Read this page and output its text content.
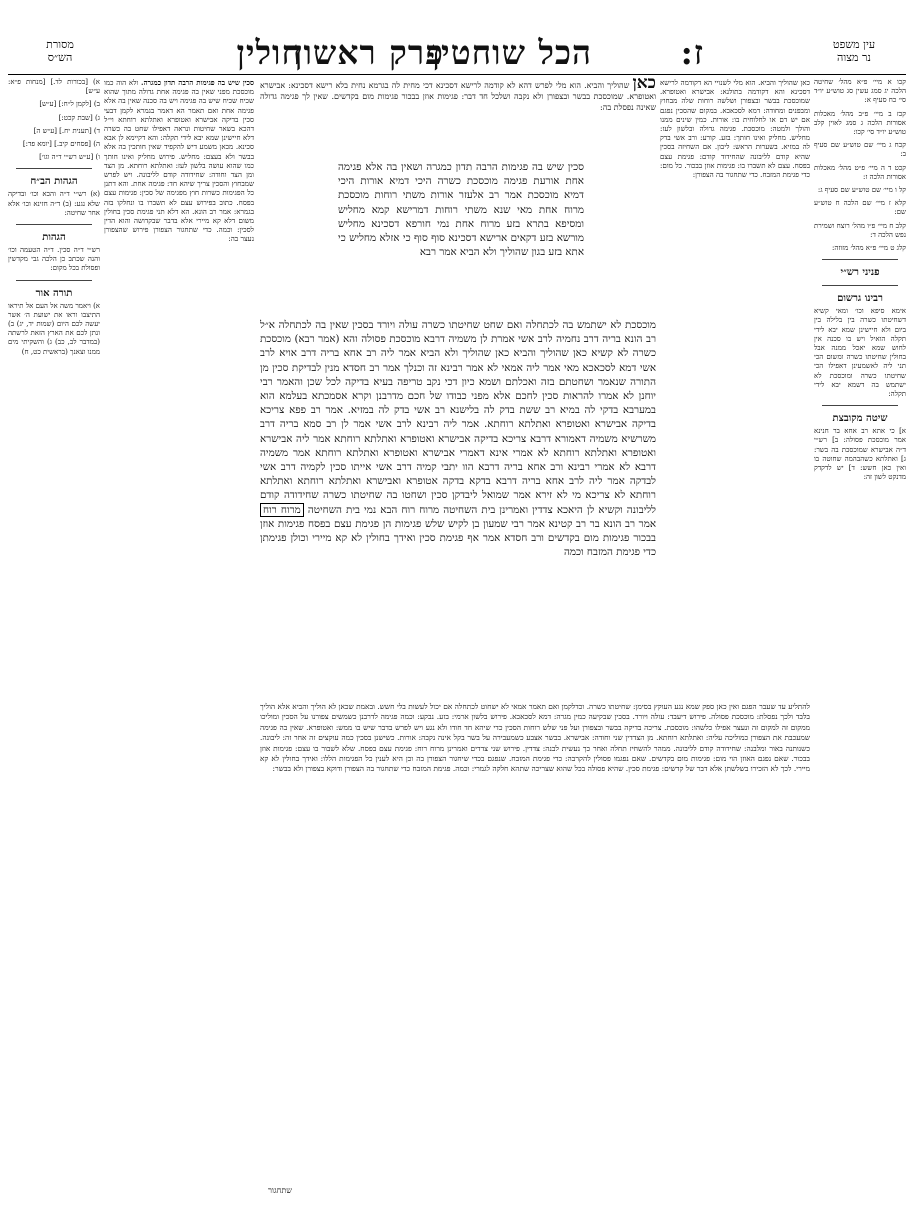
עין משפט
נר מצוה
ז:
הכל שוחטין
פרק ראשון
חולין
מסורת
הש״ס

קכו א מיי׳ פ״א מהל׳ שחיטה הלכה יג סמג עשין סג טוש״ע יו״ד סי׳ כח סעיף א:

קכז ב מיי׳ פ״ב מהל׳ מאכלות אסורות הלכה ג סמג לאוין קלב טוש״ע יו״ד סי׳ קכו:

קכח ג מיי׳ שם טוש״ע שם סעיף ב:

קכט ד ה מיי׳ פ״ט מהל׳ מאכלות אסורות הלכה ז:

קל ו מיי׳ שם טוש״ע שם סעיף ג:

קלא ז מיי׳ שם הלכה ח טוש״ע שם:

קלב ח מיי׳ פ״ו מהל׳ רוצח ושמירת נפש הלכה ד:

קלג ט מיי׳ פ״א מהל׳ מזוזה:

פניני רש״י
רבינו גרשום

אימא סיפא וכו׳ ומאי קשיא דשחיטתו כשרה בין בלילה בין ביום ולא חיישינן שמא יבא לידי תקלה הואיל ויש בו סכנה אין לחוש שמא יאכל ממנה אבל בחולין שחיטתו כשרה ומשום הכי תני ליה לאשמעינן דאפילו הכי שחיטתו כשרה ומוכסכת לא ישתמש בה דשמא יבא לידי תקלה:

שיטה מקובצת

א] כי אתא רב אחא בר חנינא אמר מוכסכת פסולה: ב] רש״י ד״ה אבישרא שמוכסכת בה בשר: ג] ואתלתא כשהבהמה שחוטה בו ואין כאן חשש: ד] יש לדקדק מדנקט לשון זה:

א) [בכורות לד.] [מנחות פ״א: ע״ש]

ב) [לקמן ל״ח:] [ע״ש]

ג) [שבת קכט:]

ד) [תענית יח.] [ע״ש ה]

ה) [פסחים קיב.] [יומא פד:]

ו) [ע״ש רש״י ד״ה וגו׳]

הגהות הב״ח

(א) רש״י ד״ה והכא וכו׳ ובדיקה שלא נגע: (ב) ד״ה חזינא וכו׳ אלא אחר שחיטה:

הגהות

רש״י ד״ה סכין. ד״ה הטעמה וכו׳ והנה שכתב כן הלכה גבי מקדשין ופסולת בכל מקום:

תורה אור

א) ויאמר משה אל העם אל תיראו התיצבו וראו את ישועת ה׳ אשר יעשה לכם היום (שמות יד, יג) ב) ונתן לכם את הארץ הזאת לרשתה (במדבר לב, כב) ג) והשקיתי מים ממנו וצאנך (בראשית כט, ח)

כאן שהוליך והביא. הוא מלי לשנויי הא דקודמה לרישא דסכינא והא דקודמה בתולנא: אבישרא ואטופרא. שמוכסכת בבשר ובצפורן ושלשה רוחות שלה מבחוץ ומבפנים ומחודה: דמא לסכאכא. במקום שהסכין נפגם אם יש דם או לחלוחית בו: אורות. כמין שינים ממנו והולך ולמטה: מוכסכת. פגימה גדולה ובלשון לעז: מחליש. מחליק ואינו חותך: בזע. קורע: ורב אשי בדק לה במזיא. בשערות הראש: ליבון. אם השחיזה בסכין שהיא קודם לליבונה שהחידוד קודם: פגימת עצם בפסח. עצם לא תשברו בו: פגימות אוזן בבכור. כל מום: כדי פגימת המזבח. כדי שתחגור בה הצפורן:

סכין שיש בה פגימות הרבה תדון כמגרה. ולא הוה כמו מוכסכת מפני שאין בה פגימה אחת גדולה מתוך שהוא שכיח שכיח שיש בה פגימה ויש בה סכנה שאין בה אלא פגימה אחת ואם תאמר הא דאמר בגמרא לקמן דבעי סכין בדיקה אבישרא ואטופרא ואתלתא רוחתא וי״ל דהכא בשאר שחיטות ונראה דאפילו שחט בה כשרה דלא חיישינן שמא יבא לידי תקלה: והא דקיימא לן אבא סכינא. מכאן משמע דיש להקפיד שאין חותכין בה אלא בבשר ולא בעצם: מחליש. פירוש מחליק ואינו חותך כמו שהוא עושה בלשון לעז: ואתלתא רוחתא. מן הצד ומן הצד וחודה: שחידודה קודם לליבונה. ויש לפרש שמבחוץ והסכין צריך שיהא חד: פגימה אחת. והא דתנן כל הפגימות כשרות חוץ מפגימה של סכין: פגימות עצם בפסח. כתוב בפירוש עצם לא תשברו בו ונחלקו בזה בגמרא: אמר רב הונא. הא דלא תני פגימת סכין בחולין משום דלא קא מיירי אלא בדבר שבקדושה והוא הדין לסכין: וכמה. כדי שתחגור הצפורן פירוש שהצפורן נעצר בה:

כאן שהוליך והביא. הוא מלי לפרש דהא לא קודמה לרישא דסכינא דכי מחית לה בגרמא נחית בלא רישא דסכינא: אבישרא ואטופרא. שמוכסכת בבשר ובצפורן ולא נקבה ושלכל חד דבר: פגימות אוזן בבכור פגימות מום בקדשים. שאין לך פגימה גדולה שאינה נפסלת בה:
סכין שיש בה פגימות הרבה תדון כמגרה ושאין בה אלא פגימה אחת אורעת פגימה מוכסכת כשרה היכי דמיא אורות היכי דמיא מוכסכת אמר רב אלעזר אורות משתי רוחות מוכסכת מרוח אחת מאי שנא משתי רוחות דמרישא קמא מחליש ומסיפא בתרא בזע מרוח אחת נמי חורפא דסכינא מחליש מורשא בזע דקאים ארישא דסכינא סוף סוף כי אזלא מחליש כי אתא בזע בגון שהוליך ולא הביא אמר רבא
מוכסכת לא ישתמש בה לכתחלה ואם שחט שחיטתו כשרה עולה ויורד בסכין שאין בה לכתחלה א״ל רב הונא בריה דרב נחמיה לרב אשי אמרת לן משמיה דרבא מוכסכת פסולה והא (אמר רבא) מוכסכת כשרה לא קשיא כאן שהוליך והביא כאן שהוליך ולא הביא אמר ליה רב אחא בריה דרב אויא לרב אשי דמא לסכאכא מאי אמר ליה אמאי לא אמר רבינא זה וכנלך אמר רב חסדא מנין לבדיקת סכין מן התורה שנאמר ושחטתם בזה ואכלתם ושמא כיון דכי נקב טריפה בעיא בדיקה לכל שכן והאמר רבי יוחנן לא אמרו להראות סכין לחכם אלא מפני כבודו של חכם מדרבנן וקרא אסמכתא בעלמא הוא במערבא בדקי לה במיא רב ששת בדק לה בלישנא רב אשי בדק לה במזיא. אמר רב פפא צריכא בדיקה אבישרא ואטופרא ואתלתא רוחתא. אמר ליה רבינא לרב אשי אמר לן רב סמא בריה דרב משרשיא משמיה דאמורא דרבא צריכא בדיקה אבישרא ואטופרא ואתלתא רוחתא אמר ליה אבישרא ואטופרא ואתלתא רוחתא לא אמרי אינא דאמרי אבישרא ואטופרא ואתלתא רוחתא אמר משמיה דרבא לא אמרי רבינא ורב אחא בריה דרבא הוו יתבי קמיה דרב אשי אייתו סכין לקמיה דרב אשי לבדקה אמר ליה לרב אחא בריה דרבא בדקא בדקה אטופרא ואבישרא ואתלתא רוחתא ואתלתא רוחתא לא צריכא מי לא זירא אמר שמואל ליבדקן סכין ושחטו בה שחיטתו כשרה שחידודה קודם לליבונה וקשיא לן היאכא צדדין ואמרינן בית השחיטה מרוח רוח הבא נמי בית השחיטה מרוח רוח אמר רב הונא בר רב קטינא אמר רבי שמעון בן לקיש שלש פגימות הן פגימת עצם בפסח פגימות אוזן בבכור פגימות מום בקדשים ורב חסדא אמר אף פגימת סכין ואידך בחולין לא קא מיירי וכולן פגימתן כדי פגימת המזבח וכמה
להתליע עד שעבר הפגם ואין כאן ספק שמא נגע העוקץ בסימן: שחיטתו כשרה. וכדלקמן ואם תאמר אמאי לא ישחוט לכתחלה אם יכול לעשות בלי חשש. ובאמת שכאן לא הוליך והביא אלא הוליך בלבד ולכך נפסלת: מוכסכת פסולה. פירוש דיעבד: עולה ויורד. בסכין שבקיעה כמין מגרה: דמא לסכאכא. פירוש בלשון ארמי: בזע. נבקע: וכמה פגימה לדרבנן כשמשים צפורנו על הסכין ומוליכו ממקום זה למקום זה ונעצר אפילו כלשהו: מוכסכת. צריכה בדיקה בבשר ובצפורן ועל פני שלש רוחות הסכין כדי שיהא חד חודו ולא נגע ויש לפרש בדבר שיש בו ממש: ואטופרא. שאין בה פגימה שמעכבת את הצפורן כמוליכה עליה: ואתלתא רוחתא. מן הצדדין שני וחודה: אבישרא. בבשר אצבע כשמעבירה על בשר בקל אינה נקבה: אורות. כשישנן בסכין כמה עוקצים זה אחר זה: ליבונה. כשנותנה באור ומלבנה: שחידודה קודם לליבונה. ממהר להשחיז תחלה ואחר כך נעשית לבנה: צדדין. פירוש שני צדדים ואמרינן מרוח רוח: פגימת עצם בפסח. שלא לשבור בו עצם: פגימות אוזן בבכור. שאם נפגם האוזן הוי מום: פגימות מום בקדשים. שאם נפגמו פסולין להקרבה: כדי פגימת המזבח. שנפגם בכדי שיחגור הצפורן בה וכן היא לענין כל הפגימות הללו: ואידך בחולין לא קא מיירי. לכך לא הזכירו בשלשתן אלא דבר של קדשים: פגימת סכין. שהיא פסולה בכל שהוא שצריכה שתהא חלקה לגמרי: וכמה. פגימת המזבח כדי שתחגור בה הצפורן ודוקא בצפורן ולא בבשר:
שתחגור
